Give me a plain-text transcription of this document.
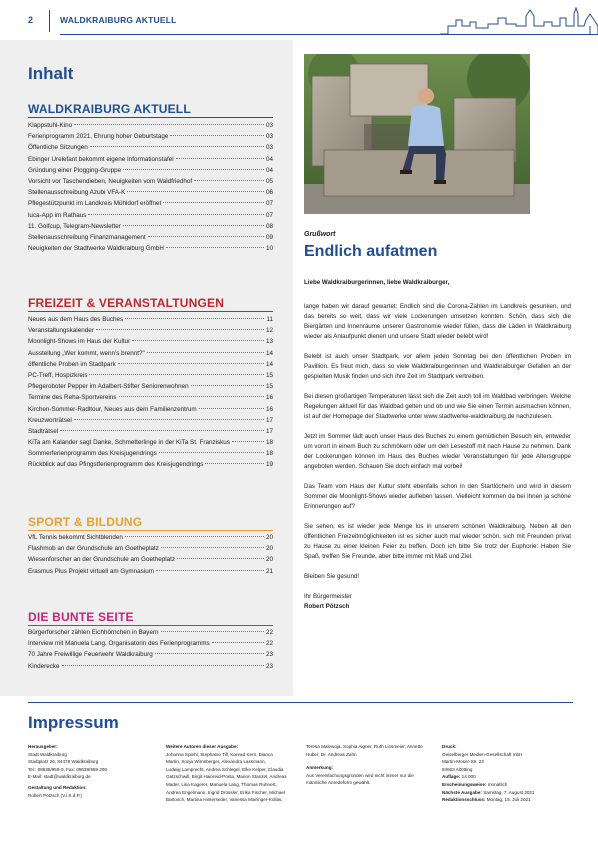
2	WALDKRAIBURG AKTUELL
Inhalt
WALDKRAIBURG AKTUELL
Klappstuhl-Kino	03
Ferienprogramm 2021, Ehrung hoher Geburtstage	03
Öffentliche Sitzungen	03
Ebinger Urelefant bekommt eigene Informationstafel	04
Gründung einer Plogging-Gruppe	04
Vorsicht vor Taschendieben, Neuigkeiten vom Waldfriedhof	05
Stellenausschreibung Azubi VFA-K	06
Pflegestützpunkt im Landkreis Mühldorf eröffnet	07
luca-App im Rathaus	07
11. Golfcup, Telegram-Newsletter	08
Stellenausschreibung Finanzmanagement	09
Neuigkeiten der Stadtwerke Waldkraiburg GmbH	10
FREIZEIT & VERANSTALTUNGEN
Neues aus dem Haus des Buches	11
Veranstaltungskalender	12
Moonlight-Shows im Haus der Kultur	13
Ausstellung „Wer kommt, wenn's brennt?"	14
öffentliche Proben im Stadtpark	14
PC-Treff, Hospizkreis	15
Pflegeroboter Pepper im Adalbert-Stifter Seniorenwohnen	15
Termine des Reha-Sportvereins	16
Kirchen-Sommer-Radltour, Neues aus dem Familienzentrum	16
Kreuzworträtsel	17
Stadträtsel	17
KiTa am Kalander sagt Danke, Schmetterlinge in der KiTa St. Franziskus	18
Sommerferienprogramm des Kreisjugendrings	18
Rückblick auf das Pfingstferienprogramm des Kreisjugendrings	19
SPORT & BILDUNG
VfL Tennis bekommt Sichtblenden	20
Flashmob an der Grundschule am Goetheplatz	20
Wiesenforscher an der Grundschule am Goetheplatz	20
Erasmus Plus Projekt virtuell am Gymnasium	21
DIE BUNTE SEITE
Bürgerforscher zählen Eichhörnchen in Bayern	22
Interview mit Manuela Lang, Organisatorin des Ferienprogramms	22
70 Jahre Freiwillige Feuerwehr Waldkraiburg	23
Kinderecke	23
Grußwort
Endlich aufatmen

Liebe Waldkraiburgerinnen, liebe Waldkraiburger,

lange haben wir darauf gewartet: Endlich sind die Corona-Zahlen im Landkreis gesunken, und das bereits so weit, dass wir viele Lockerungen umsetzen konnten. Schön, dass sich die Biergärten und Innenräume unserer Gastronomie wieder füllen, dass die Läden in Waldkraiburg wieder als Anlaufpunkt dienen und unsere Stadt wieder belebt wird!

Belebt ist auch unser Stadtpark, vor allem jeden Sonntag bei den öffentlichen Proben im Pavillion. Es freut mich, dass so viele Waldkraiburgerinnen und Waldkraiburger Gefallen an der gespielten Musik finden und sich ihre Zeit im Stadtpark vertreiben.

Bei diesen großartigen Temperaturen lässt sich die Zeit auch toll im Waldbad verbringen. Welche Regelungen aktuell für das Waldbad gelten und ob und wie Sie einen Termin ausmachen können, ist auf der Homepage der Stadtwerke unter www.stadtwerke-waldkraiburg.de nachzulesen.

Jetzt im Sommer lädt auch unser Haus des Buches zu einem gemütlichen Besuch ein, entweder um vorort in einem Buch zu schmökern oder um den Lesestoff mit nach Hause zu nehmen. Dank der Lockerungen können im Haus des Buches wieder Veranstaltungen für jede Altersgruppe angeboten werden. Schauen Sie doch einfach mal vorbei!

Das Team vom Haus der Kultur steht ebenfalls schon in den Startlöchern und wird in diesem Sommer die Moonlight-Shows wieder aufleben lassen. Vielleicht kommen da bei Ihnen ja schöne Erinnerungen auf?

Sie sehen, es ist wieder jede Menge los in unserem schönen Waldkraiburg. Neben all den öffentlichen Freizeitmöglichkeiten ist es sicher auch mal wieder schön, sich mit Freunden privat zu Hause zu einer kleinen Feier zu treffen. Doch ich bitte Sie trotz der Euphorie: Haben Sie Spaß, treffen Sie Freunde, aber bitte immer mit Maß und Ziel.

Bleiben Sie gesund!

Ihr Bürgermeister

Robert Pötzsch

Impressum
Herausgeber:
Stadt Waldkraiburg
Stadtplatz 26, 84478 Waldkraiburg
Tel.: 08638/959-0, Fax: 08638/959 200
E-Mail: stadt@waldkraiburg.de
Gestaltung und Redaktion:
Robert Pötzsch (V.i.S.d.P.)
Weitere Autoren dieser Ausgabe:
Johanna Spiehl, Stephanie Till, Konrad Kern, Bianca
Martin, Sonja Wirnsberger, Alexandra Lassmann,
Ludwig Lamprecht, Andrea Schlegel, Elke Kelper, Claudia
Gatzschwill, Birgit Hainreid-Posta, Marion Stanzel, Andreas
Mader, Lisa Kagerer, Manuela Lang, Thomas Ruhnert,
Andrea Engelmann, Ingrid Drossler, Erika Fischer, Michael
Bartosch, Martina Hinterseder, Vanessa Mairinger-Kollas,
Teresa Malewoja, Sophia Aigner, Ruth Linsmeier, Annette
Huber, Dr. Andreas Zahn
Anmerkung:
Aus Vereinfachungsgründen wird nicht immer nur die
männliche Anredeform gewählt.
Druck:
Geiselberger Medien-Gesellschaft mbH
Martin-Moser-Str. 23
84503 Altötting
Auflage: 14.000
Erscheinungsweise: monatlich
Nächste Ausgabe: Samstag, 7. August 2021
Redaktionsschluss: Montag, 19. Juli 2021
